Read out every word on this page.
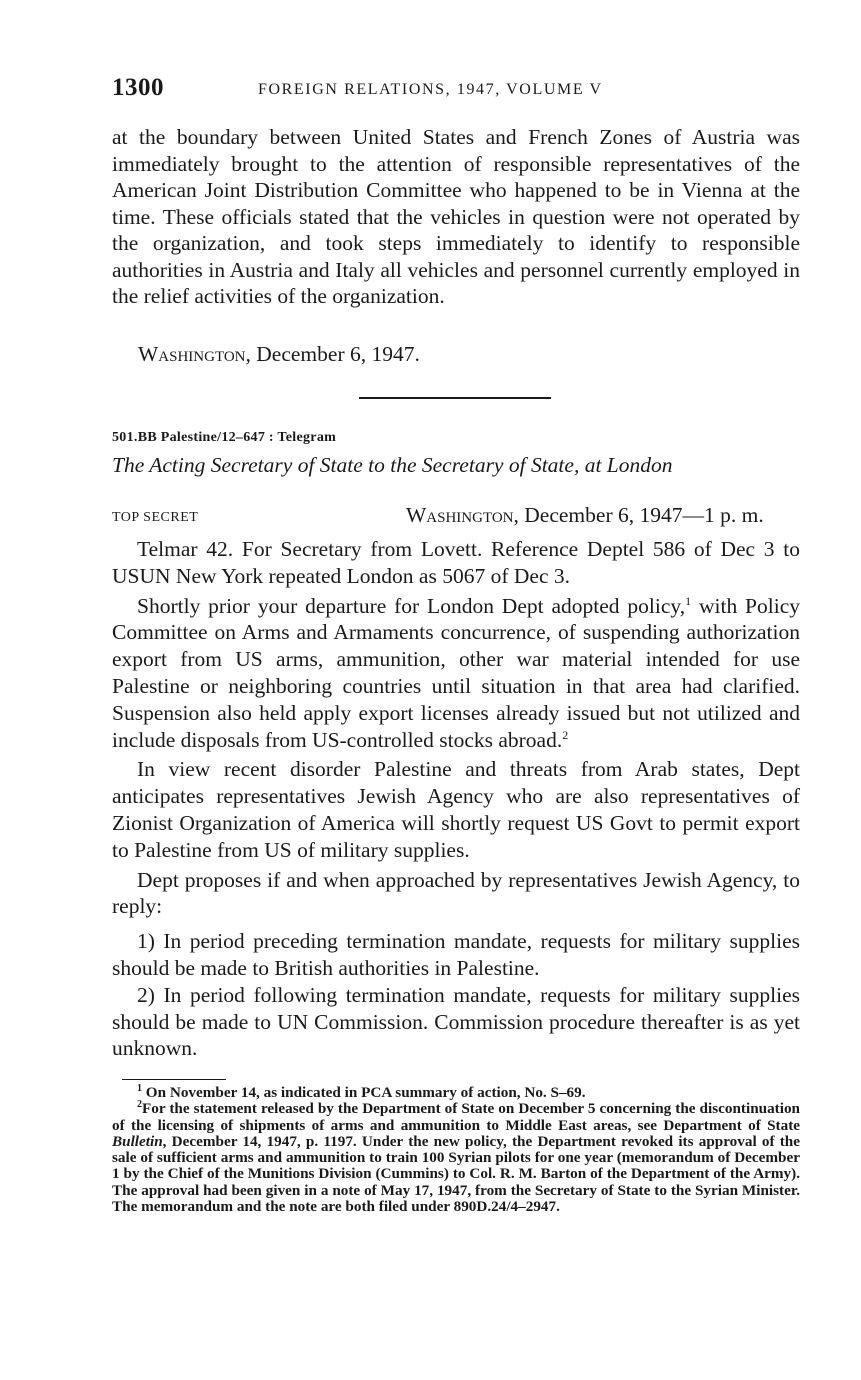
1300	FOREIGN RELATIONS, 1947, VOLUME V

at the boundary between United States and French Zones of Austria was immediately brought to the attention of responsible representatives of the American Joint Distribution Committee who happened to be in Vienna at the time. These officials stated that the vehicles in question were not operated by the organization, and took steps immediately to identify to responsible authorities in Austria and Italy all vehicles and personnel currently employed in the relief activities of the organization.

Washington, December 6, 1947.
501.BB Palestine/12–647 : Telegram
The Acting Secretary of State to the Secretary of State, at London
TOP SECRET	Washington, December 6, 1947—1 p. m.

Telmar 42. For Secretary from Lovett. Reference Deptel 586 of Dec 3 to USUN New York repeated London as 5067 of Dec 3.

Shortly prior your departure for London Dept adopted policy,$^1$ with Policy Committee on Arms and Armaments concurrence, of suspending authorization export from US arms, ammunition, other war material intended for use Palestine or neighboring countries until situation in that area had clarified. Suspension also held apply export licenses already issued but not utilized and include disposals from US-controlled stocks abroad.$^2$

In view recent disorder Palestine and threats from Arab states, Dept anticipates representatives Jewish Agency who are also representatives of Zionist Organization of America will shortly request US Govt to permit export to Palestine from US of military supplies.

Dept proposes if and when approached by representatives Jewish Agency, to reply:

1) In period preceding termination mandate, requests for military supplies should be made to British authorities in Palestine.

2) In period following termination mandate, requests for military supplies should be made to UN Commission. Commission procedure thereafter is as yet unknown.

$^1$ On November 14, as indicated in PCA summary of action, No. S–69.

$^2$For the statement released by the Department of State on December 5 concerning the discontinuation of the licensing of shipments of arms and ammunition to Middle East areas, see Department of State Bulletin, December 14, 1947, p. 1197. Under the new policy, the Department revoked its approval of the sale of sufficient arms and ammunition to train 100 Syrian pilots for one year (memorandum of December 1 by the Chief of the Munitions Division (Cummins) to Col. R. M. Barton of the Department of the Army). The approval had been given in a note of May 17, 1947, from the Secretary of State to the Syrian Minister. The memorandum and the note are both filed under 890D.24/4–2947.
